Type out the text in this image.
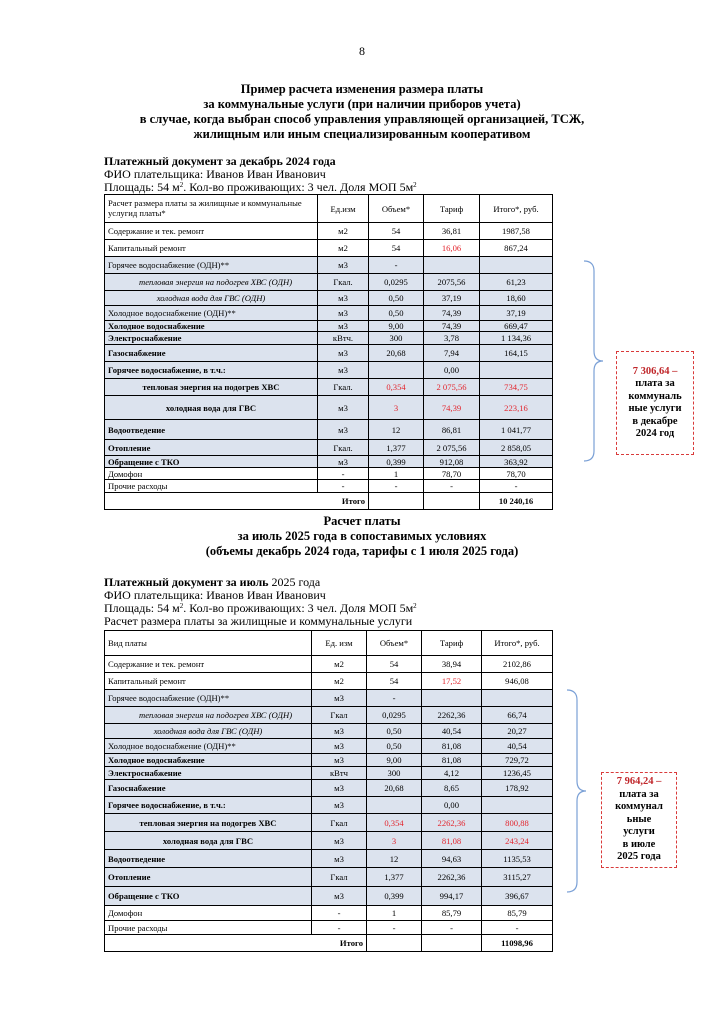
8
Пример расчета изменения размера платы
за коммунальные услуги (при наличии приборов учета)
в случае, когда выбран способ управления управляющей организацией, ТСЖ,
жилищным или иным специализированным кооперативом
Платежный документ за декабрь 2024 года
ФИО плательщика: Иванов Иван Иванович
Площадь: 54 $м^2$. Кол-во проживающих: 3 чел. Доля МОП $5м^2$
Расчет размера платы за жилищные и коммунальные услугид платы*	Ед.изм	Объем*	Тариф	Итого*, руб.
Содержание и тек. ремонт	м2	54	36,81	1987,58
Капитальный ремонт	м2	54	16,06	867,24
Горячее водоснабжение (ОДН)**	м3	-		
тепловая энергия на подогрев ХВС (ОДН)	Гкал.	0,0295	2075,56	61,23
холодная вода для ГВС (ОДН)	м3	0,50	37,19	18,60
Холодное водоснабжение (ОДН)**	м3	0,50	74,39	37,19
Холодное водоснабжение	м3	9,00	74,39	669,47
Электроснабжение	кВтч.	300	3,78	1 134,36
Газоснабжение	м3	20,68	7,94	164,15
Горячее водоснабжение, в т.ч.:	м3		0,00	
тепловая энергия на подогрев ХВС	Гкал.	0,354	2 075,56	734,75
холодная вода для ГВС	м3	3	74,39	223,16
Водоотведение	м3	12	86,81	1 041,77
Отопление	Гкал.	1,377	2 075,56	2 858,05
Обращение с ТКО	м3	0,399	912,08	363,92
Домофон	-	1	78,70	78,70
Прочие расходы	-	-	-	-
Итого				10 240,16
7 306,64 –
плата за
коммуналь
ные услуги
в декабре
2024 год
Расчет платы
за июль 2025 года в сопоставимых условиях
(объемы декабрь 2024 года, тарифы с 1 июля 2025 года)
Платежный документ за июль 2025 года
ФИО плательщика: Иванов Иван Иванович
Площадь: 54 $м^2$. Кол-во проживающих: 3 чел. Доля МОП $5м^2$
Расчет размера платы за жилищные и коммунальные услуги
Вид платы	Ед. изм	Объем*	Тариф	Итого*, руб.
Содержание и тек. ремонт	м2	54	38,94	2102,86
Капитальный ремонт	м2	54	17,52	946,08
Горячее водоснабжение (ОДН)**	м3	-		
тепловая энергия на подогрев ХВС (ОДН)	Гкал	0,0295	2262,36	66,74
холодная вода для ГВС (ОДН)	м3	0,50	40,54	20,27
Холодное водоснабжение (ОДН)**	м3	0,50	81,08	40,54
Холодное водоснабжение	м3	9,00	81,08	729,72
Электроснабжение	кВтч	300	4,12	1236,45
Газоснабжение	м3	20,68	8,65	178,92
Горячее водоснабжение, в т.ч.:	м3		0,00	
тепловая энергия на подогрев ХВС	Гкал	0,354	2262,36	800,88
холодная вода для ГВС	м3	3	81,08	243,24
Водоотведение	м3	12	94,63	1135,53
Отопление	Гкал	1,377	2262,36	3115,27
Обращение с ТКО	м3	0,399	994,17	396,67
Домофон	-	1	85,79	85,79
Прочие расходы	-	-	-	-
Итого				11098,96
7 964,24 –
плата за
коммунал
ьные
услуги
в июле
2025 года
